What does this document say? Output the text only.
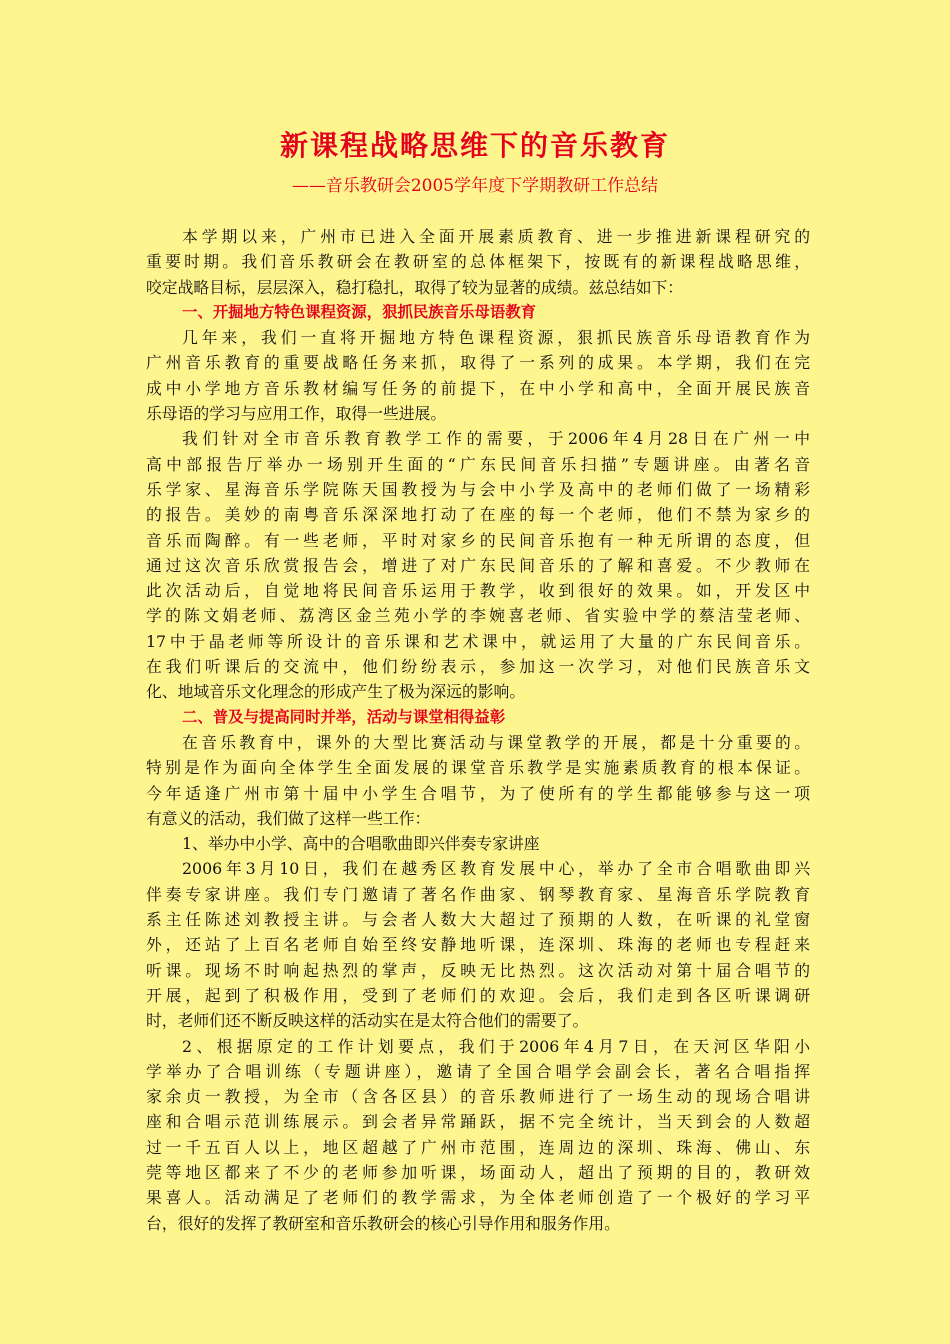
新课程战略思维下的音乐教育
——音乐教研会2005学年度下学期教研工作总结
本学期以来，广州市已进入全面开展素质教育、进一步推进新课程研究的
重要时期。我们音乐教研会在教研室的总体框架下，按既有的新课程战略思维，
咬定战略目标，层层深入，稳打稳扎，取得了较为显著的成绩。兹总结如下：
一、开掘地方特色课程资源，狠抓民族音乐母语教育
几年来，我们一直将开掘地方特色课程资源，狠抓民族音乐母语教育作为
广州音乐教育的重要战略任务来抓，取得了一系列的成果。本学期，我们在完
成中小学地方音乐教材编写任务的前提下，在中小学和高中，全面开展民族音
乐母语的学习与应用工作，取得一些进展。
我们针对全市音乐教育教学工作的需要，于2006年4月28日在广州一中
高中部报告厅举办一场别开生面的“广东民间音乐扫描”专题讲座。由著名音
乐学家、星海音乐学院陈天国教授为与会中小学及高中的老师们做了一场精彩
的报告。美妙的南粤音乐深深地打动了在座的每一个老师，他们不禁为家乡的
音乐而陶醉。有一些老师，平时对家乡的民间音乐抱有一种无所谓的态度，但
通过这次音乐欣赏报告会，增进了对广东民间音乐的了解和喜爱。不少教师在
此次活动后，自觉地将民间音乐运用于教学，收到很好的效果。如，开发区中
学的陈文娟老师、荔湾区金兰苑小学的李婉喜老师、省实验中学的蔡洁莹老师、
17中于晶老师等所设计的音乐课和艺术课中，就运用了大量的广东民间音乐。
在我们听课后的交流中，他们纷纷表示，参加这一次学习，对他们民族音乐文
化、地域音乐文化理念的形成产生了极为深远的影响。
二、普及与提高同时并举，活动与课堂相得益彰
在音乐教育中，课外的大型比赛活动与课堂教学的开展，都是十分重要的。
特别是作为面向全体学生全面发展的课堂音乐教学是实施素质教育的根本保证。
今年适逢广州市第十届中小学生合唱节，为了使所有的学生都能够参与这一项
有意义的活动，我们做了这样一些工作：
1、举办中小学、高中的合唱歌曲即兴伴奏专家讲座
2006年3月10日，我们在越秀区教育发展中心，举办了全市合唱歌曲即兴
伴奏专家讲座。我们专门邀请了著名作曲家、钢琴教育家、星海音乐学院教育
系主任陈述刘教授主讲。与会者人数大大超过了预期的人数，在听课的礼堂窗
外，还站了上百名老师自始至终安静地听课，连深圳、珠海的老师也专程赶来
听课。现场不时响起热烈的掌声，反映无比热烈。这次活动对第十届合唱节的
开展，起到了积极作用，受到了老师们的欢迎。会后，我们走到各区听课调研
时，老师们还不断反映这样的活动实在是太符合他们的需要了。
2、根据原定的工作计划要点，我们于2006年4月7日，在天河区华阳小
学举办了合唱训练（专题讲座），邀请了全国合唱学会副会长，著名合唱指挥
家余贞一教授，为全市（含各区县）的音乐教师进行了一场生动的现场合唱讲
座和合唱示范训练展示。到会者异常踊跃，据不完全统计，当天到会的人数超
过一千五百人以上，地区超越了广州市范围，连周边的深圳、珠海、佛山、东
莞等地区都来了不少的老师参加听课，场面动人，超出了预期的目的，教研效
果喜人。活动满足了老师们的教学需求，为全体老师创造了一个极好的学习平
台，很好的发挥了教研室和音乐教研会的核心引导作用和服务作用。
